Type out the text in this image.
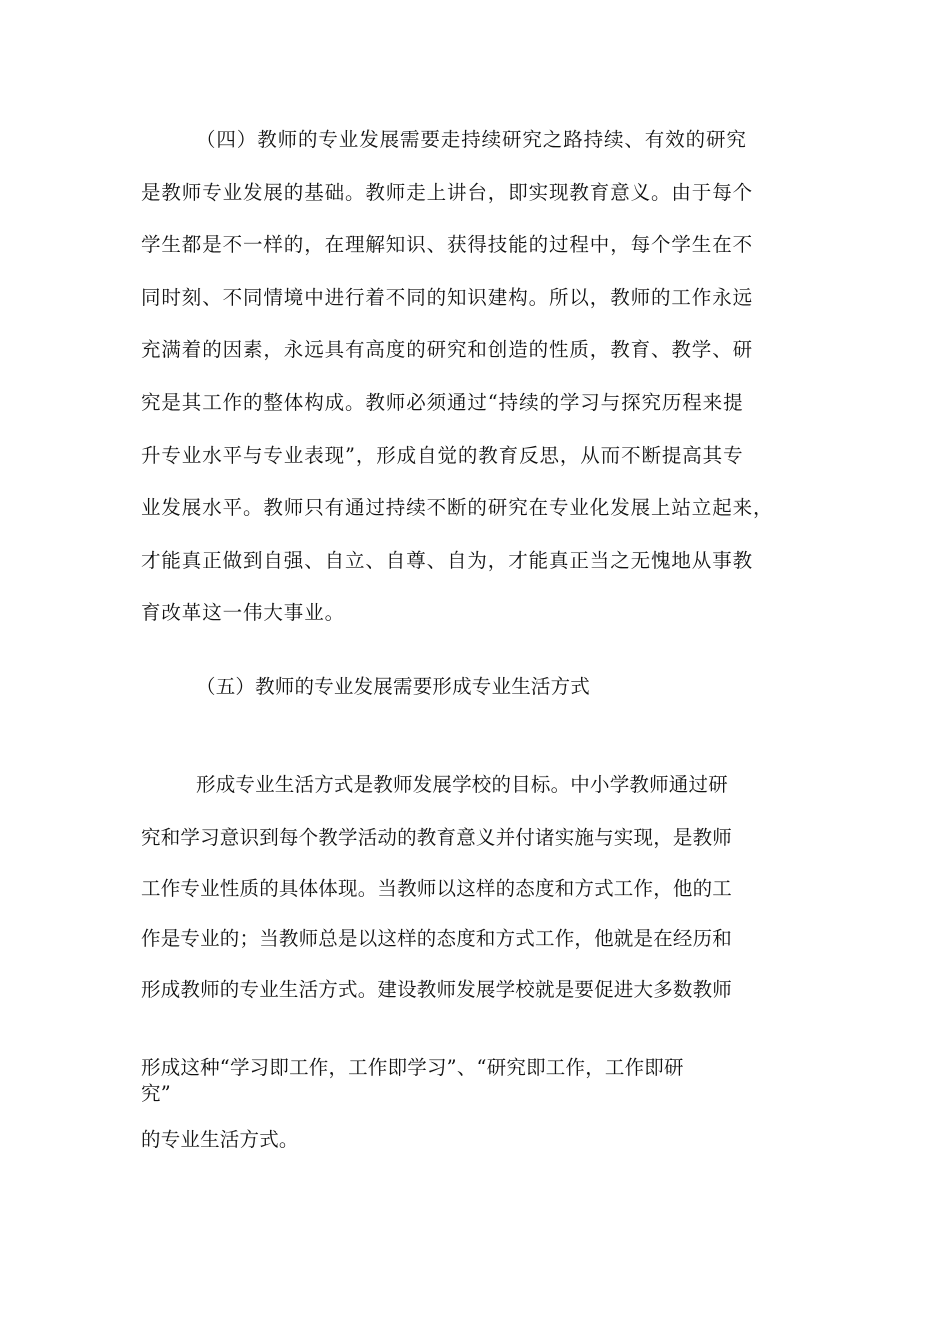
（四）教师的专业发展需要走持续研究之路持续、有效的研究
是教师专业发展的基础。教师走上讲台，即实现教育意义。由于每个
学生都是不一样的，在理解知识、获得技能的过程中，每个学生在不
同时刻、不同情境中进行着不同的知识建构。所以，教师的工作永远
充满着的因素，永远具有高度的研究和创造的性质，教育、教学、研
究是其工作的整体构成。教师必须通过“持续的学习与探究历程来提
升专业水平与专业表现”，形成自觉的教育反思，从而不断提高其专
业发展水平。教师只有通过持续不断的研究在专业化发展上站立起来，
才能真正做到自强、自立、自尊、自为，才能真正当之无愧地从事教
育改革这一伟大事业。
（五）教师的专业发展需要形成专业生活方式
形成专业生活方式是教师发展学校的目标。中小学教师通过研
究和学习意识到每个教学活动的教育意义并付诸实施与实现，是教师
工作专业性质的具体体现。当教师以这样的态度和方式工作，他的工
作是专业的；当教师总是以这样的态度和方式工作，他就是在经历和
形成教师的专业生活方式。建设教师发展学校就是要促进大多数教师
形成这种“学习即工作，工作即学习”、“研究即工作，工作即研
究”
的专业生活方式。
